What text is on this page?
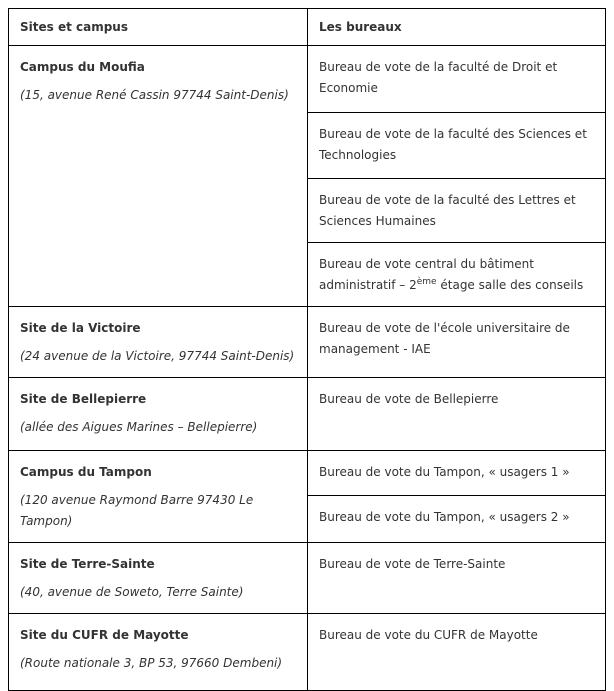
Sites et campus	Les bureaux

Campus du Moufia

(15, avenue René Cassin 97744 Saint-Denis)	Bureau de vote de la faculté de Droit et Economie

	Bureau de vote de la faculté des Sciences et Technologies

	Bureau de vote de la faculté des Lettres et Sciences Humaines

	Bureau de vote central du bâtiment administratif – 2ème étage salle des conseils

Site de la Victoire

(24 avenue de la Victoire, 97744 Saint-Denis)	Bureau de vote de l'école universitaire de management - IAE

Site de Bellepierre

(allée des Aigues Marines – Bellepierre)	Bureau de vote de Bellepierre

Campus du Tampon

(120 avenue Raymond Barre 97430 Le Tampon)	Bureau de vote du Tampon, « usagers 1 »

	Bureau de vote du Tampon, « usagers 2 »

Site de Terre-Sainte

(40, avenue de Soweto, Terre Sainte)	Bureau de vote de Terre-Sainte

Site du CUFR de Mayotte

(Route nationale 3, BP 53, 97660 Dembeni)	Bureau de vote du CUFR de Mayotte
